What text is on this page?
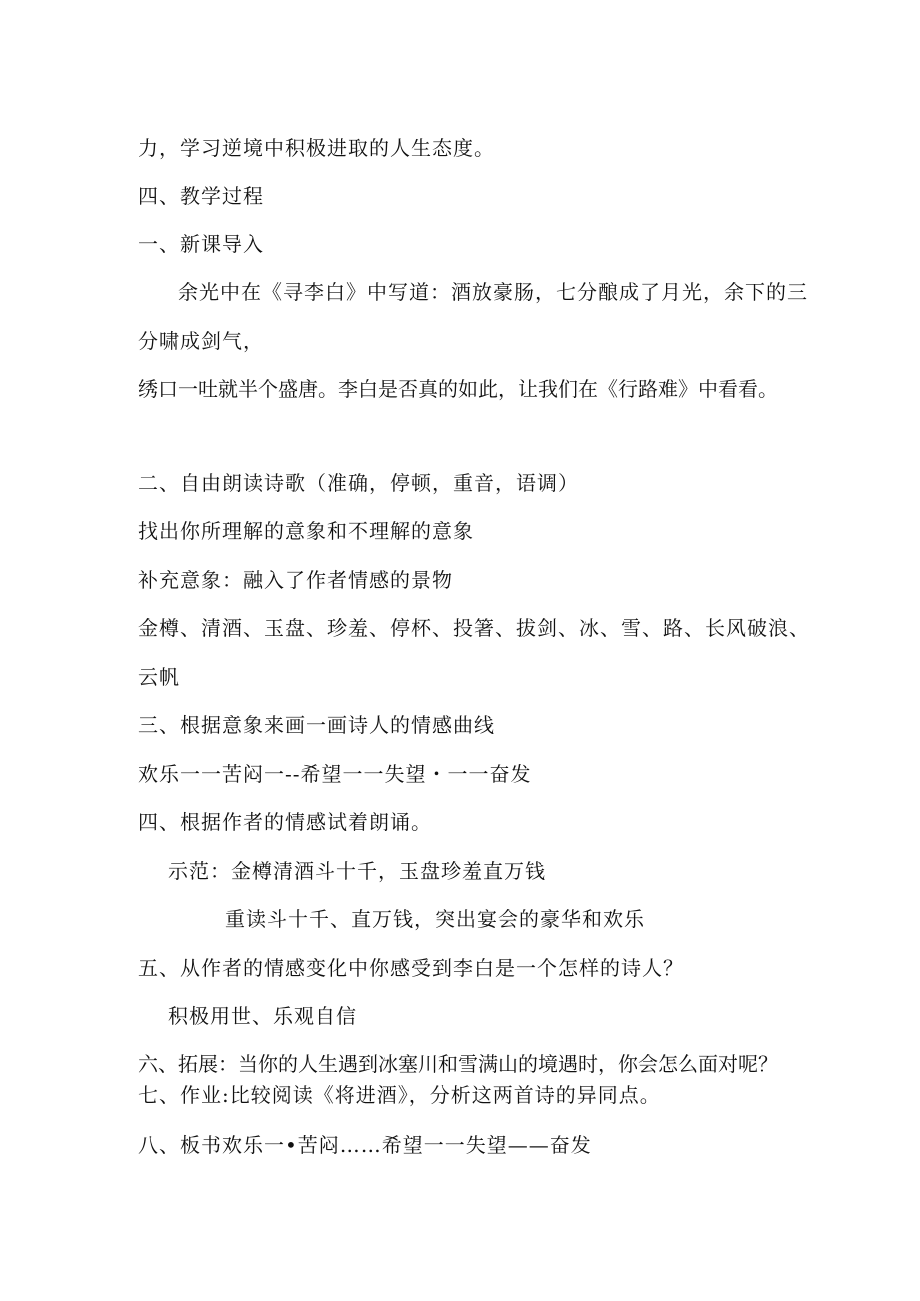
力，学习逆境中积极进取的人生态度。
四、教学过程
一、新课导入
余光中在《寻李白》中写道：酒放豪肠，七分酿成了月光，余下的三
分啸成剑气，
绣口一吐就半个盛唐。李白是否真的如此，让我们在《行路难》中看看。
二、自由朗读诗歌（准确，停顿，重音，语调）
找出你所理解的意象和不理解的意象
补充意象：融入了作者情感的景物
金樽、清酒、玉盘、珍羞、停杯、投箸、拔剑、冰、雪、路、长风破浪、
云帆
三、根据意象来画一画诗人的情感曲线
欢乐一一苦闷一--希望一一失望・一一奋发
四、根据作者的情感试着朗诵。
示范：金樽清酒斗十千，玉盘珍羞直万钱
重读斗十千、直万钱，突出宴会的豪华和欢乐
五、从作者的情感变化中你感受到李白是一个怎样的诗人？
积极用世、乐观自信
六、拓展：当你的人生遇到冰塞川和雪满山的境遇时，你会怎么面对呢？
七、作业:比较阅读《将进酒》，分析这两首诗的异同点。
八、板书欢乐一•苦闷……希望一一失望——奋发
